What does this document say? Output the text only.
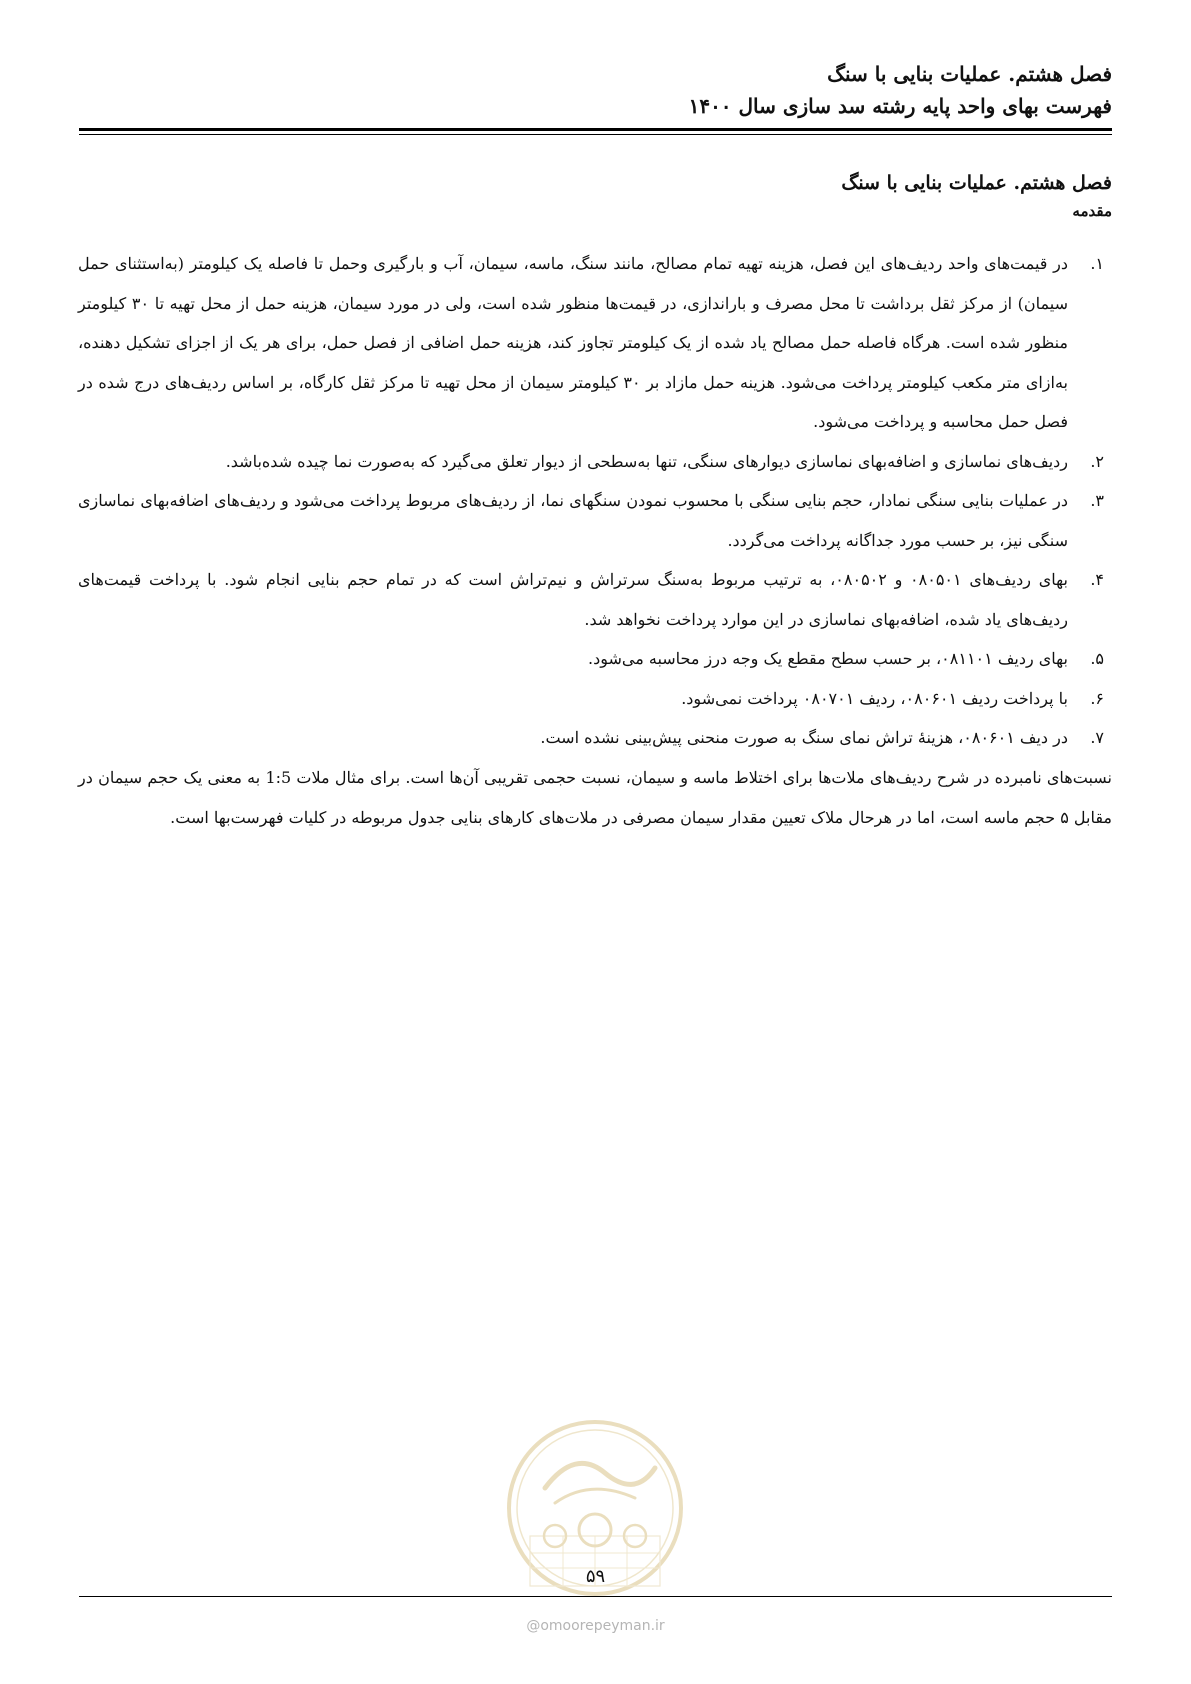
فصل هشتم. عملیات بنایی با سنگ
فهرست بهای واحد پایه رشته سد سازی سال ۱۴۰۰
فصل هشتم. عملیات بنایی با سنگ
مقدمه
۱.
در قیمت‌های واحد ردیف‌های این فصل، هزینه تهیه تمام مصالح، مانند سنگ، ماسه، سیمان، آب و بارگیری وحمل تا فاصله یک کیلومتر (به‌استثنای حمل سیمان) از مرکز ثقل برداشت تا محل مصرف و باراندازی، در قیمت‌ها منظور شده است، ولی در مورد سیمان، هزینه حمل از محل تهیه تا ۳۰ کیلومتر منظور شده است. هرگاه فاصله حمل مصالح یاد شده از یک کیلومتر تجاوز کند، هزینه حمل اضافی از فصل حمل، برای هر یک از اجزای تشکیل دهنده، به‌ازای متر مکعب کیلومتر پرداخت می‌شود. هزینه حمل مازاد بر ۳۰ کیلومتر سیمان از محل تهیه تا مرکز ثقل کارگاه، بر اساس ردیف‌های درج شده در فصل حمل محاسبه و پرداخت می‌شود.
۲.
ردیف‌های نماسازی و اضافه‌بهای نماسازی دیوارهای سنگی، تنها به‌سطحی از دیوار تعلق می‌گیرد که به‌صورت نما چیده شده‌باشد.
۳.
در عملیات بنایی سنگی نمادار، حجم بنایی سنگی با محسوب نمودن سنگهای نما، از ردیف‌های مربوط پرداخت می‌شود و ردیف‌های اضافه‌بهای نماسازی سنگی نیز، بر حسب مورد جداگانه پرداخت می‌گردد.
۴.
بهای ردیف‌های ۰۸۰۵۰۱ و ۰۸۰۵۰۲، به ترتیب مربوط به‌سنگ سرتراش و نیم‌تراش است که در تمام حجم بنایی انجام شود. با پرداخت قیمت‌های ردیف‌های یاد شده، اضافه‌بهای نماسازی در این موارد پرداخت نخواهد شد.
۵.
بهای ردیف ۰۸۱۱۰۱، بر حسب سطح مقطع یک وجه درز محاسبه می‌شود.
۶.
با پرداخت ردیف ۰۸۰۶۰۱، ردیف ۰۸۰۷۰۱ پرداخت نمی‌شود.
۷.
در دیف ۰۸۰۶۰۱، هزینۀ تراش نمای سنگ به صورت منحنی پیش‌بینی نشده است.
نسبت‌های نامبرده در شرح ردیف‌های ملات‌ها برای اختلاط ماسه و سیمان، نسبت حجمی تقریبی آن‌ها است. برای مثال ملات 1:5 به معنی یک حجم سیمان در مقابل ۵ حجم ماسه است، اما در هرحال ملاک تعیین مقدار سیمان مصرفی در ملات‌های کارهای بنایی جدول مربوطه در کلیات فهرست‌بها است.
۵۹
@omoorepeyman.ir
